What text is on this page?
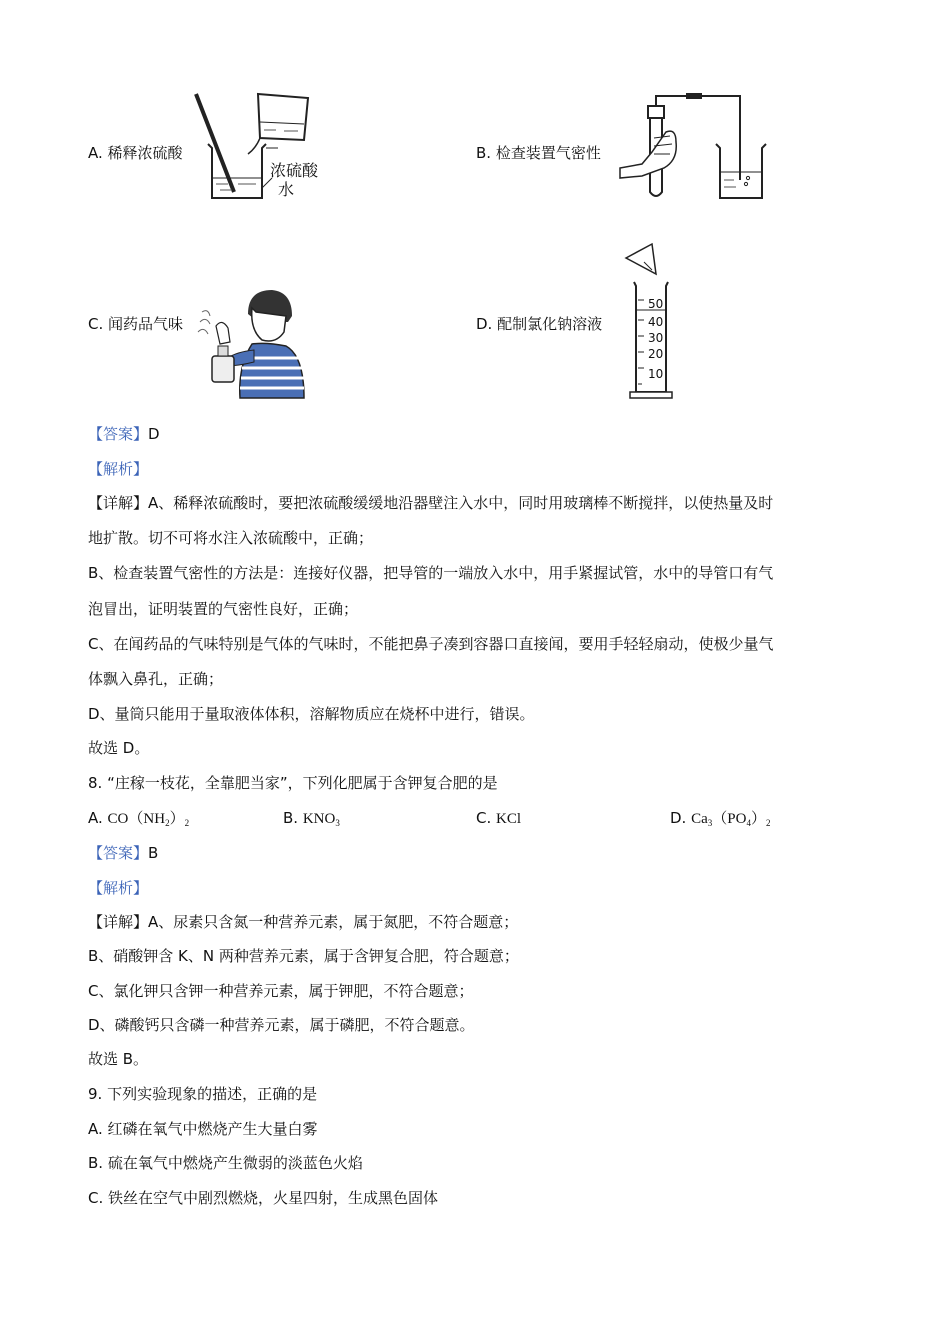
A. 稀释浓硫酸
浓硫酸
水
B. 检查装置气密性
C. 闻药品气味	D. 配制氯化钠溶液
50
40
30
20
10
【答案】D
【解析】
【详解】A、稀释浓硫酸时，要把浓硫酸缓缓地沿器壁注入水中，同时用玻璃棒不断搅拌，以使热量及时
地扩散。切不可将水注入浓硫酸中，正确；
B、检查装置气密性的方法是：连接好仪器，把导管的一端放入水中，用手紧握试管，水中的导管口有气
泡冒出，证明装置的气密性良好，正确；
C、在闻药品的气味特别是气体的气味时，不能把鼻子凑到容器口直接闻，要用手轻轻扇动，使极少量气
体飘入鼻孔，正确；
D、量筒只能用于量取液体体积，溶解物质应在烧杯中进行，错误。
故选 D。
8. “庄稼一枝花，全靠肥当家”，下列化肥属于含钾复合肥的是
A. $CO(NH_2)_2$	B. $KNO_3$	C. KCl	D. $Ca_3(PO_4)_2$
【答案】B
【解析】
【详解】A、尿素只含氮一种营养元素，属于氮肥，不符合题意；
B、硝酸钾含 K、N 两种营养元素，属于含钾复合肥，符合题意；
C、氯化钾只含钾一种营养元素，属于钾肥，不符合题意；
D、磷酸钙只含磷一种营养元素，属于磷肥，不符合题意。
故选 B。
9. 下列实验现象的描述，正确的是
A. 红磷在氧气中燃烧产生大量白雾
B. 硫在氧气中燃烧产生微弱的淡蓝色火焰
C. 铁丝在空气中剧烈燃烧，火星四射，生成黑色固体
